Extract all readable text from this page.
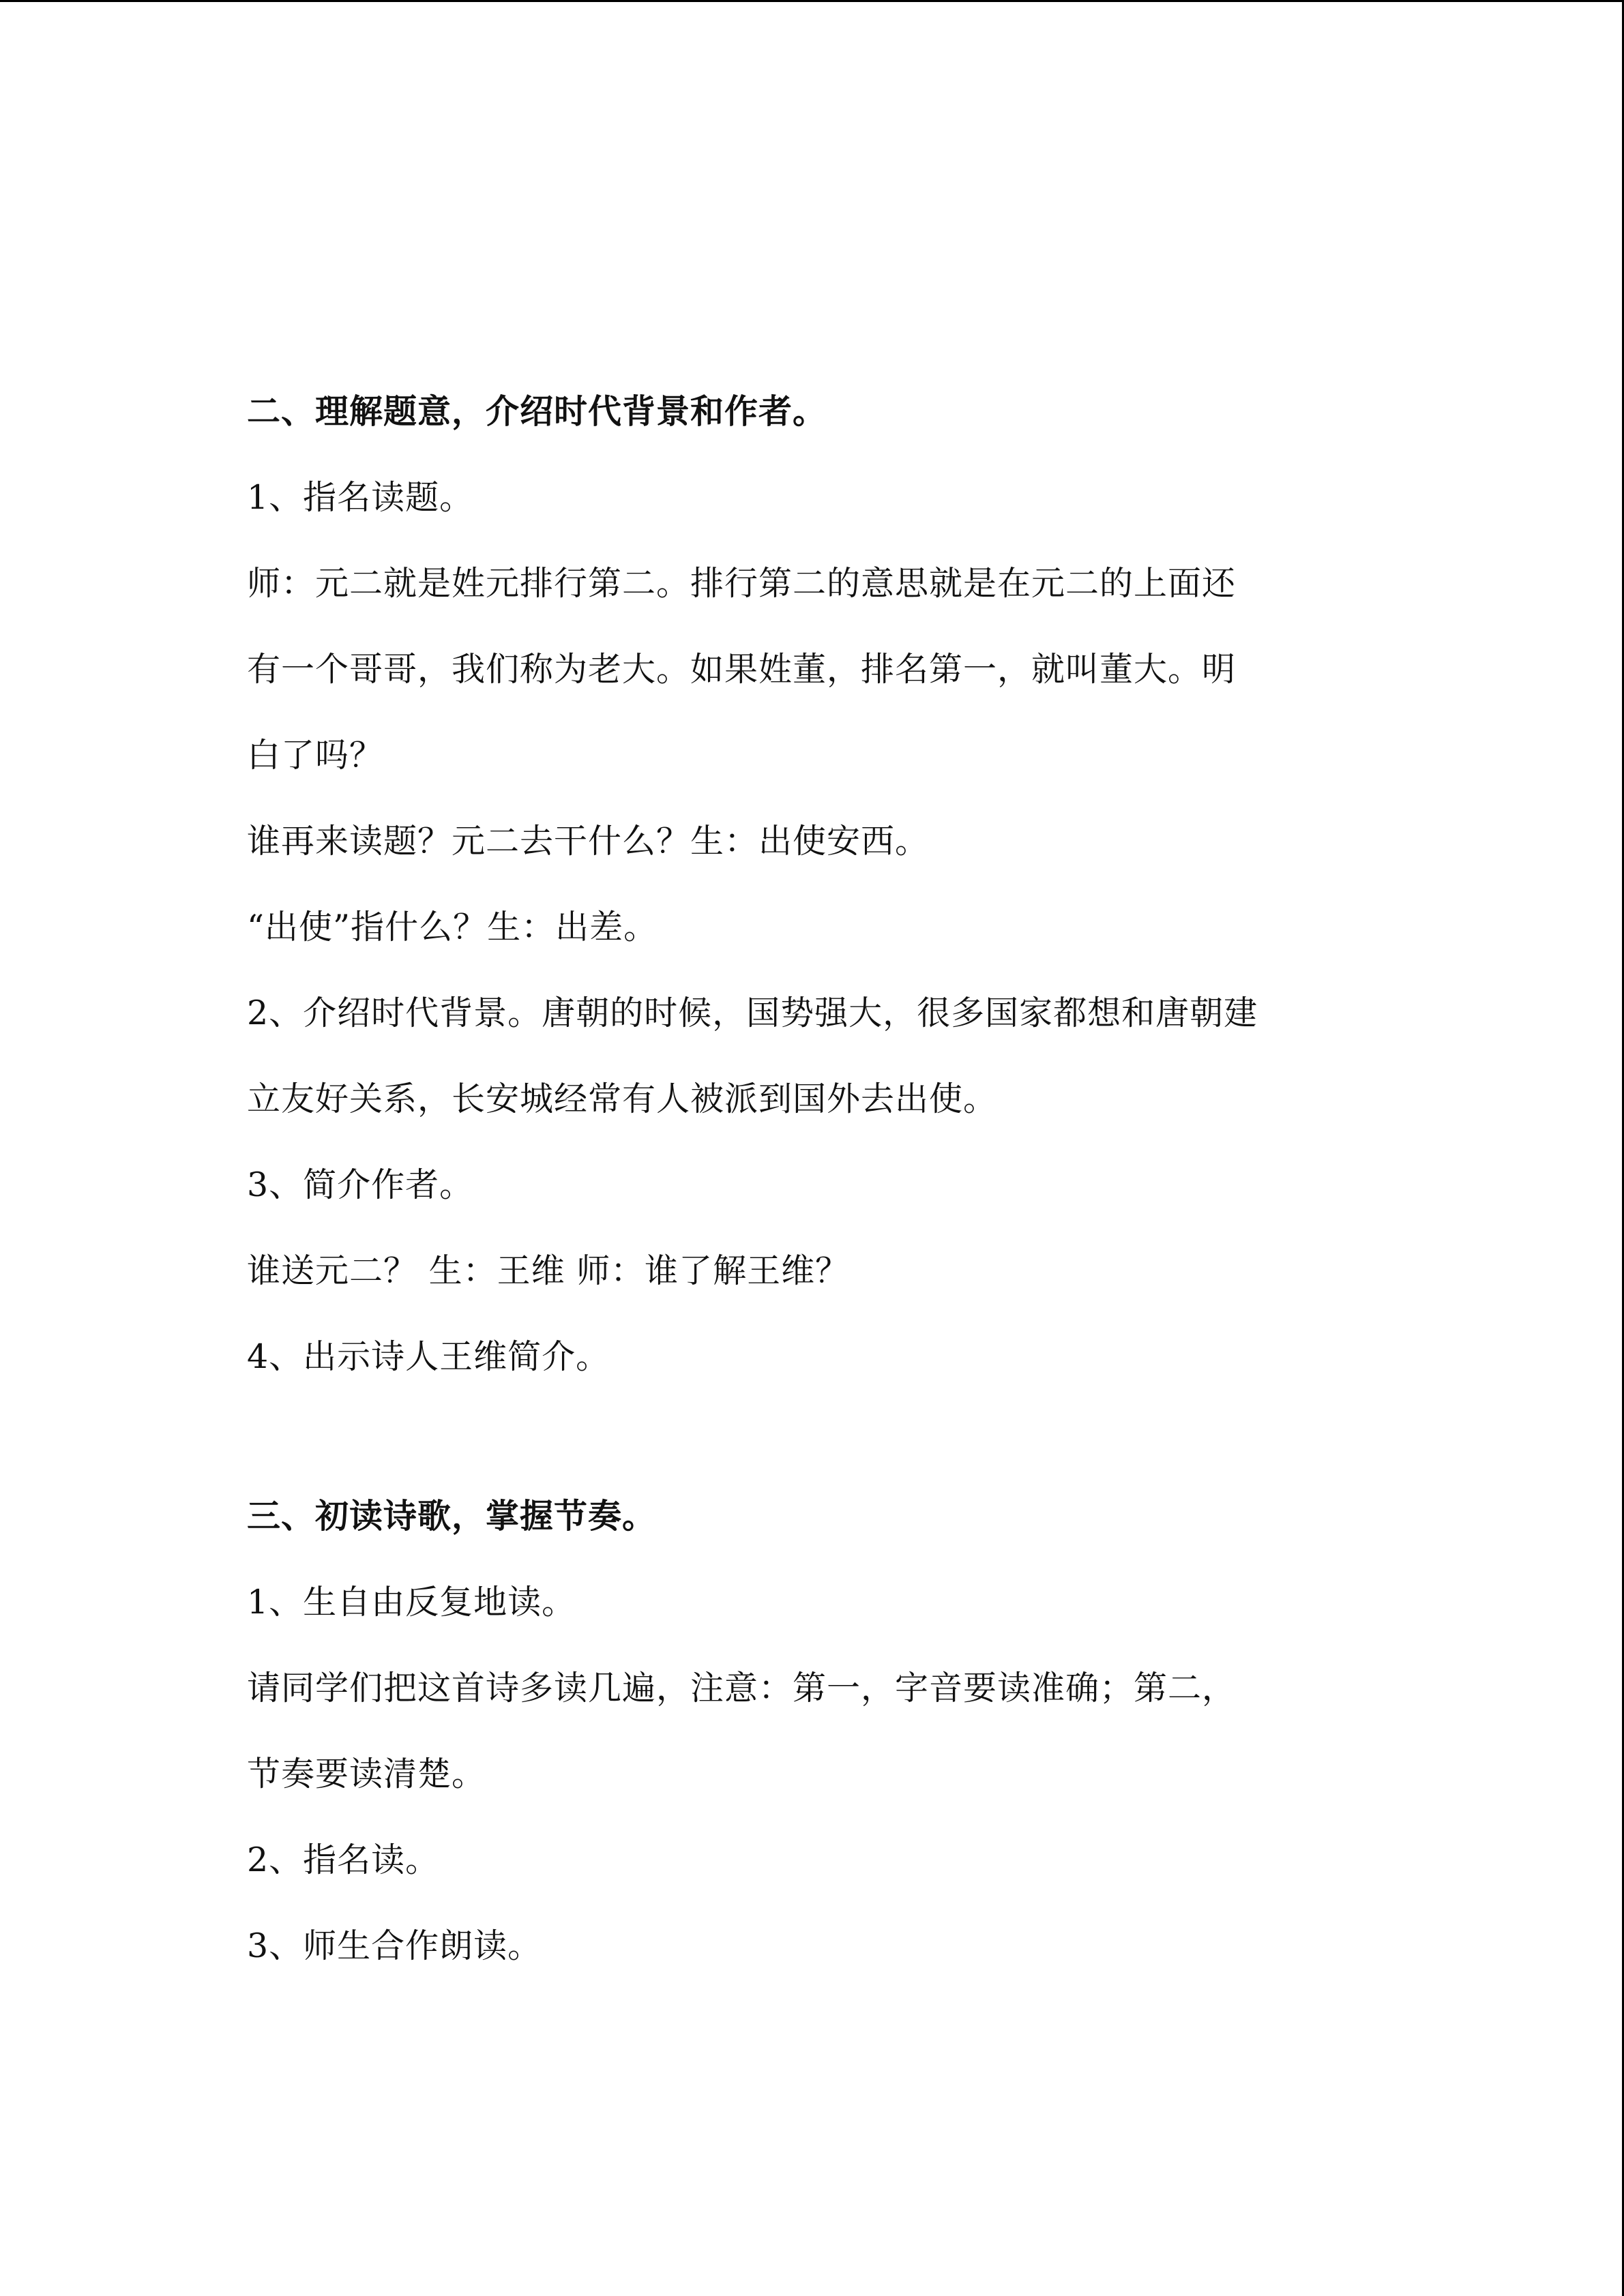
二、理解题意，介绍时代背景和作者。
1、指名读题。
师：元二就是姓元排行第二。排行第二的意思就是在元二的上面还
有一个哥哥，我们称为老大。如果姓董，排名第一，就叫董大。明
白了吗？
谁再来读题？元二去干什么？生：出使安西。
“出使”指什么？生：出差。
2、介绍时代背景。唐朝的时候，国势强大，很多国家都想和唐朝建
立友好关系，长安城经常有人被派到国外去出使。
3、简介作者。
谁送元二？ 生：王维 师：谁了解王维？
4、出示诗人王维简介。
三、初读诗歌，掌握节奏。
1、生自由反复地读。
请同学们把这首诗多读几遍，注意：第一，字音要读准确；第二，
节奏要读清楚。
2、指名读。
3、师生合作朗读。
